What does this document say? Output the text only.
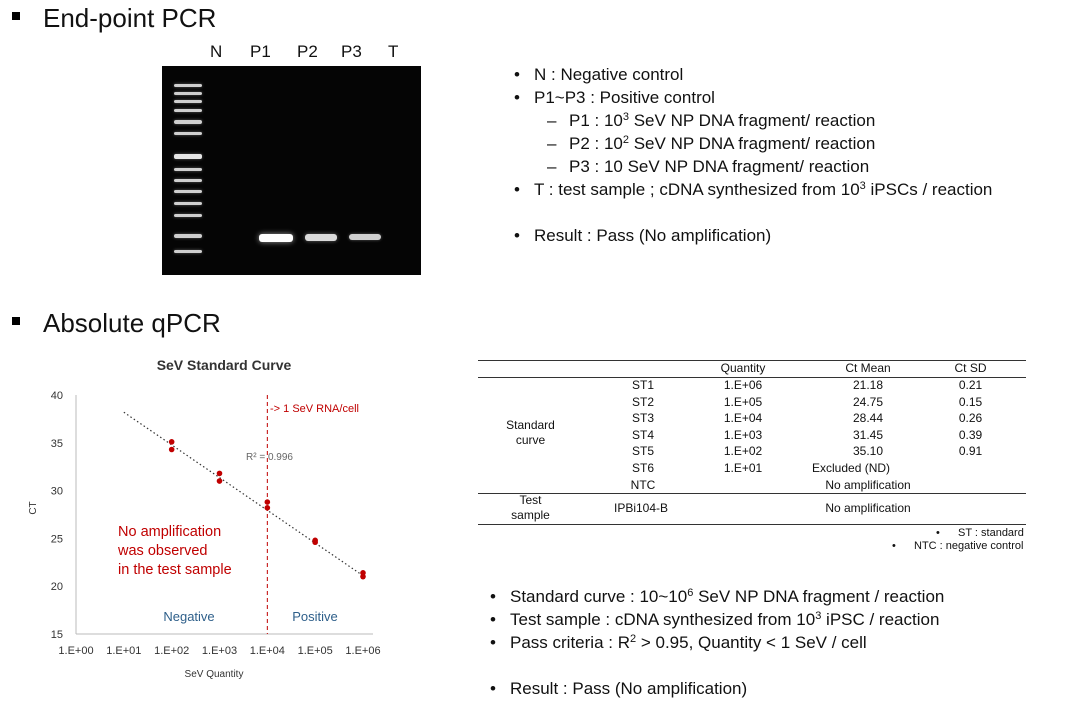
End-point PCR
N P1 P2 P3 T
• N : Negative control
• P1~P3 : Positive control
– P1 : $10^3$ SeV NP DNA fragment/ reaction
– P2 : $10^2$ SeV NP DNA fragment/ reaction
– P3 : 10 SeV NP DNA fragment/ reaction
• T : test sample ; cDNA synthesized from $10^3$ iPSCs / reaction
• Result : Pass (No amplification)
Absolute qPCR
SeV Standard Curve
15
20
25
30
35
40
1.E+00 1.E+01 1.E+02 1.E+03 1.E+04 1.E+05 1.E+06
CT
SeV Quantity
-> 1 SeV RNA/cell
R² = 0.996
No amplification
was observed
in the test sample
Negative	Positive
Quantity	Ct Mean	Ct SD
ST1	1.E+06	21.18	0.21
ST2	1.E+05	24.75	0.15
ST3	1.E+04	28.44	0.26
ST4	1.E+03	31.45	0.39
ST5	1.E+02	35.10	0.91
ST6	1.E+01	Excluded (ND)
NTC	No amplification
Standard
curve
Test
sample	IPBi104-B	No amplification
• ST : standard
• NTC : negative control
• Standard curve : $10\sim 10^6$ SeV NP DNA fragment / reaction
• Test sample : cDNA synthesized from $10^3$ iPSC / reaction
• Pass criteria : $R^2 > 0.95$, Quantity < 1 SeV / cell
• Result : Pass (No amplification)
